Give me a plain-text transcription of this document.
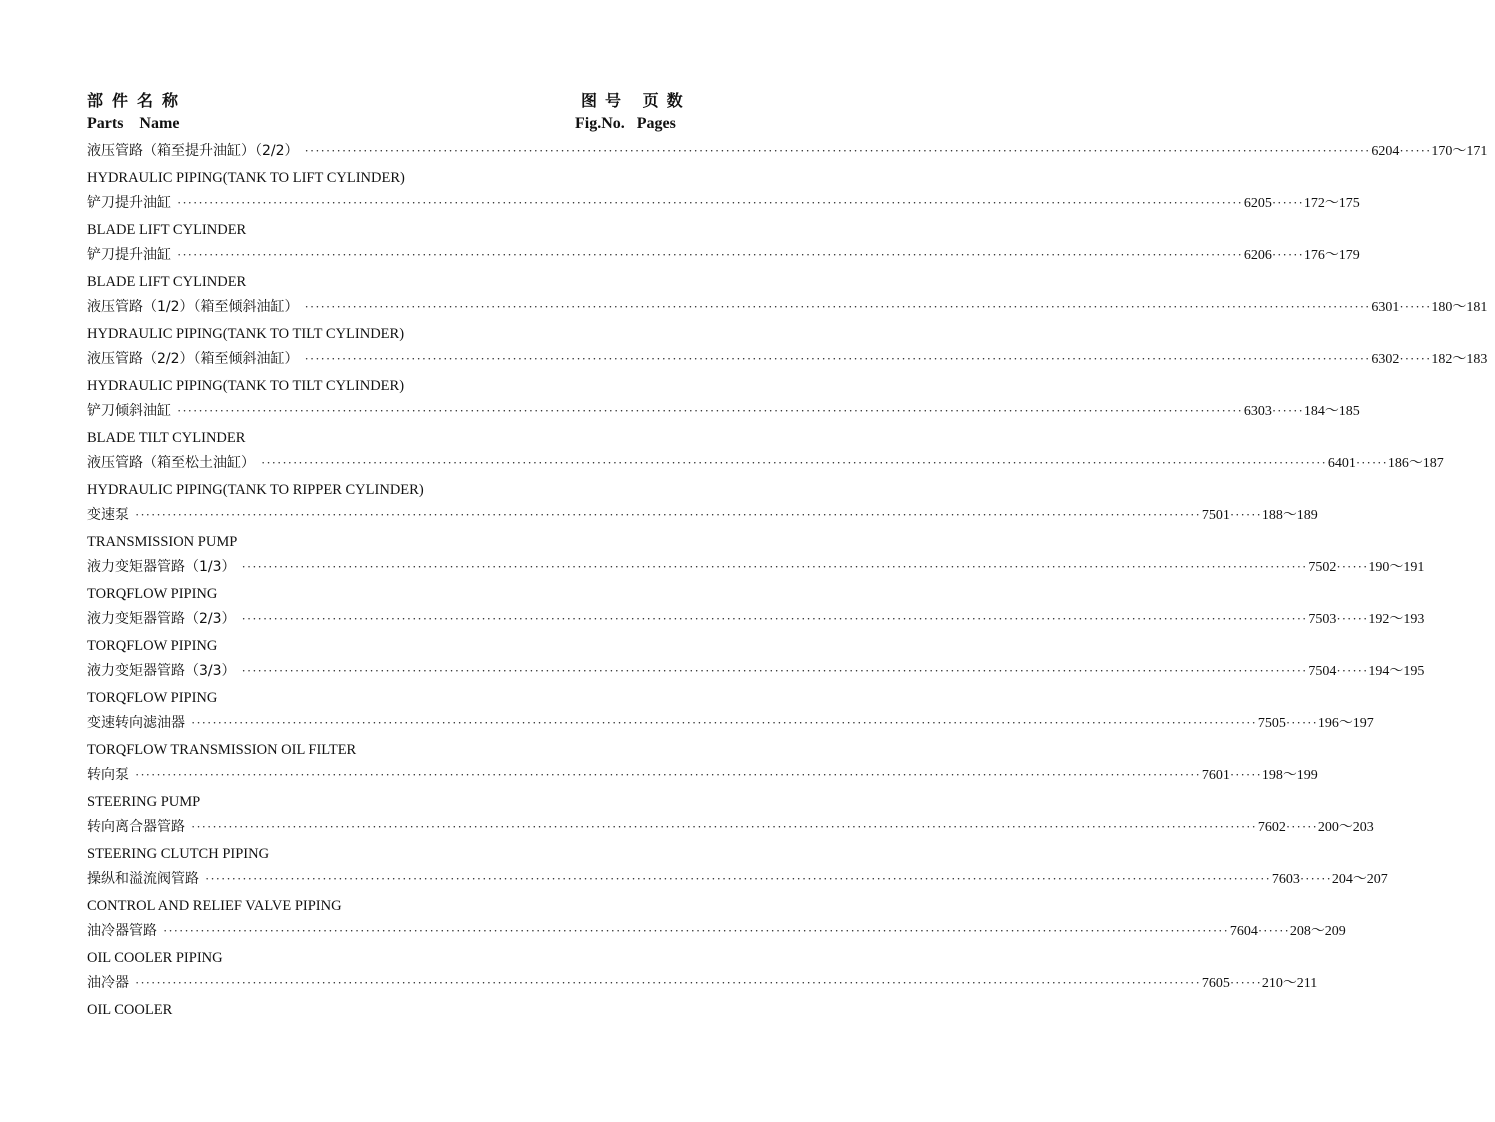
部件名称	图号 页数
Parts    Name	Fig.No.   Pages
液压管路（箱至提升油缸）（2/2） ········································································································································································································ 6204 ······ 170～171
HYDRAULIC PIPING(TANK TO LIFT CYLINDER)
铲刀提升油缸 ········································································································································································································ 6205 ······ 172～175
BLADE LIFT CYLINDER
铲刀提升油缸 ········································································································································································································ 6206 ······ 176～179
BLADE LIFT CYLINDER
液压管路（1/2）（箱至倾斜油缸） ········································································································································································································ 6301 ······ 180～181
HYDRAULIC PIPING(TANK TO TILT CYLINDER)
液压管路（2/2）（箱至倾斜油缸） ········································································································································································································ 6302 ······ 182～183
HYDRAULIC PIPING(TANK TO TILT CYLINDER)
铲刀倾斜油缸 ········································································································································································································ 6303 ······ 184～185
BLADE TILT CYLINDER
液压管路（箱至松土油缸） ········································································································································································································ 6401 ······ 186～187
HYDRAULIC PIPING(TANK TO RIPPER CYLINDER)
变速泵 ········································································································································································································ 7501 ······ 188～189
TRANSMISSION PUMP
液力变矩器管路（1/3） ········································································································································································································ 7502 ······ 190～191
TORQFLOW PIPING
液力变矩器管路（2/3） ········································································································································································································ 7503 ······ 192～193
TORQFLOW PIPING
液力变矩器管路（3/3） ········································································································································································································ 7504 ······ 194～195
TORQFLOW PIPING
变速转向滤油器 ········································································································································································································ 7505 ······ 196～197
TORQFLOW TRANSMISSION OIL FILTER
转向泵 ········································································································································································································ 7601 ······ 198～199
STEERING PUMP
转向离合器管路 ········································································································································································································ 7602 ······ 200～203
STEERING CLUTCH PIPING
操纵和溢流阀管路 ········································································································································································································ 7603 ······ 204～207
CONTROL AND RELIEF VALVE PIPING
油冷器管路 ········································································································································································································ 7604 ······ 208～209
OIL COOLER PIPING
油冷器 ········································································································································································································ 7605 ······ 210～211
OIL COOLER
